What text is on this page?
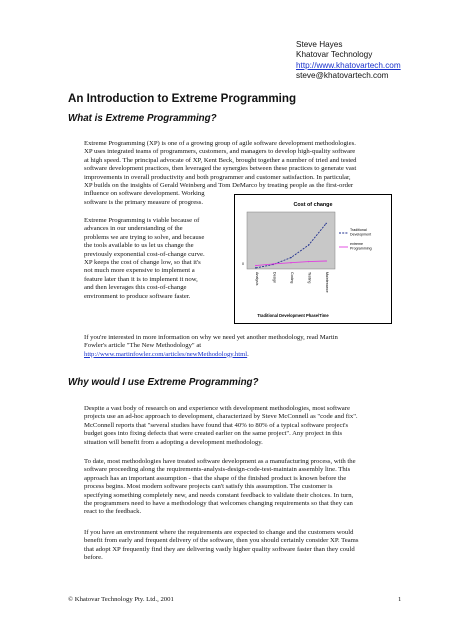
Steve Hayes
Khatovar Technology
http://www.khatovartech.com
steve@khatovartech.com
An Introduction to Extreme Programming
What is Extreme Programming?
Extreme Programming (XP) is one of a growing group of agile software development methodologies.
XP uses integrated teams of programmers, customers, and managers to develop high-quality software
at high speed. The principal advocate of XP, Kent Beck, brought together a number of tried and tested
software development practices, then leveraged the synergies between these practices to generate vast
improvements in overall productivity and both programmer and customer satisfaction. In particular,
XP builds on the insights of Gerald Weinberg and Tom DeMarco by treating people as the first-order
influence on software development. Working
software is the primary measure of progress.
Extreme Programming is viable because of
advances in our understanding of the
problems we are trying to solve, and because
the tools available to us let us change the
previously exponential cost-of-change curve.
XP keeps the cost of change low, so that it's
not much more expensive to implement a
feature later than it is to implement it now,
and then leverages this cost-of-change
environment to produce software faster.
Cost of change
0
Analysis	Design	Coding	Testing	Maintenance
Traditional Development
extreme Programming
Traditional Development Phase/Time
If you're interested in more information on why we need yet another methodology, read Martin
Fowler's article "The New Methodology" at
http://www.martinfowler.com/articles/newMethodology.html.
Why would I use Extreme Programming?
Despite a vast body of research on and experience with development methodologies, most software
projects use an ad-hoc approach to development, characterized by Steve McConnell as "code and fix".
McConnell reports that "several studies have found that 40% to 80% of a typical software project's
budget goes into fixing defects that were created earlier on the same project". Any project in this
situation will benefit from a adopting a development methodology.
To date, most methodologies have treated software development as a manufacturing process, with the
software proceeding along the requirements-analysis-design-code-test-maintain assembly line. This
approach has an important assumption - that the shape of the finished product is known before the
process begins. Most modern software projects can't satisfy this assumption. The customer is
specifying something completely new, and needs constant feedback to validate their choices. In turn,
the programmers need to have a methodology that welcomes changing requirements so that they can
react to the feedback.
If you have an environment where the requirements are expected to change and the customers would
benefit from early and frequent delivery of the software, then you should certainly consider XP. Teams
that adopt XP frequently find they are delivering vastly higher quality software faster than they could
before.
© Khatovar Technology Pty. Ltd., 2001	1
